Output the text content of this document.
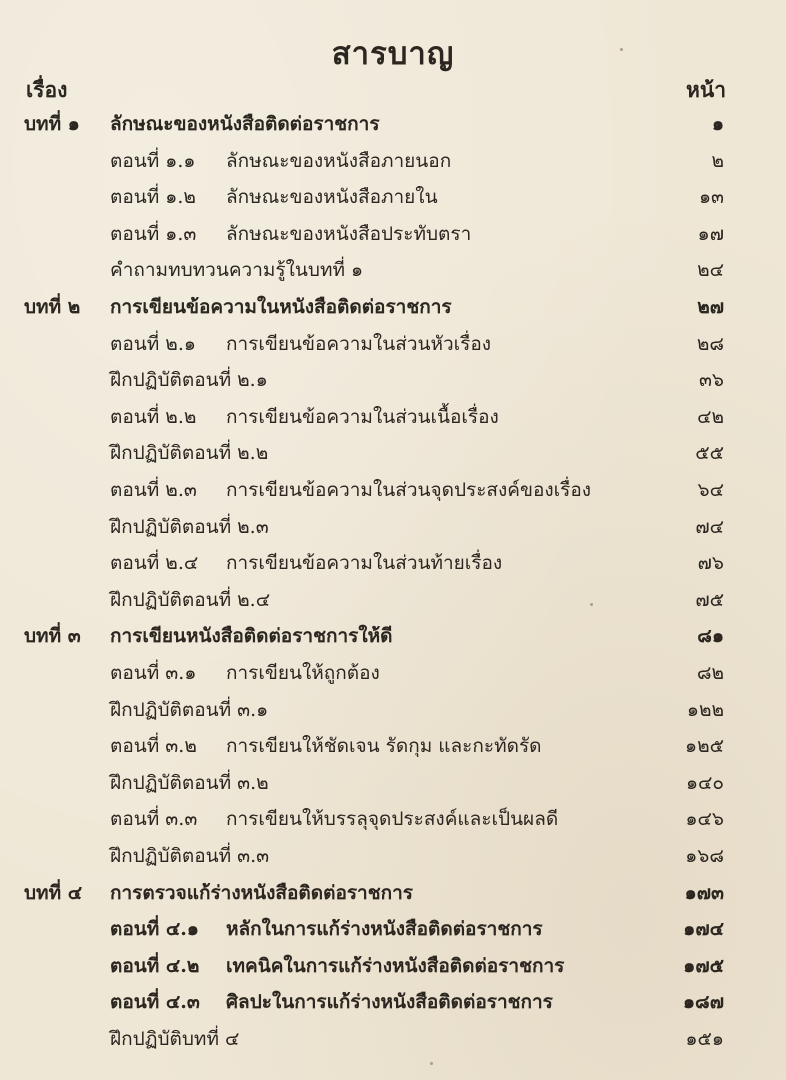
สารบาญ
เรื่อง	หน้า
บทที่ ๑ ลักษณะของหนังสือติดต่อราชการ	๑
ตอนที่ ๑.๑ ลักษณะของหนังสือภายนอก	๒
ตอนที่ ๑.๒ ลักษณะของหนังสือภายใน	๑๓
ตอนที่ ๑.๓ ลักษณะของหนังสือประทับตรา	๑๗
คำถามทบทวนความรู้ในบทที่ ๑	๒๔
บทที่ ๒ การเขียนข้อความในหนังสือติดต่อราชการ	๒๗
ตอนที่ ๒.๑ การเขียนข้อความในส่วนหัวเรื่อง	๒๘
ฝึกปฏิบัติตอนที่ ๒.๑	๓๖
ตอนที่ ๒.๒ การเขียนข้อความในส่วนเนื้อเรื่อง	๔๒
ฝึกปฏิบัติตอนที่ ๒.๒	๕๕
ตอนที่ ๒.๓ การเขียนข้อความในส่วนจุดประสงค์ของเรื่อง	๖๔
ฝึกปฏิบัติตอนที่ ๒.๓	๗๔
ตอนที่ ๒.๔ การเขียนข้อความในส่วนท้ายเรื่อง	๗๖
ฝึกปฏิบัติตอนที่ ๒.๔	๗๕
บทที่ ๓ การเขียนหนังสือติดต่อราชการให้ดี	๘๑
ตอนที่ ๓.๑ การเขียนให้ถูกต้อง	๘๒
ฝึกปฏิบัติตอนที่ ๓.๑	๑๒๒
ตอนที่ ๓.๒ การเขียนให้ชัดเจน รัดกุม และกะทัดรัด	๑๒๕
ฝึกปฏิบัติตอนที่ ๓.๒	๑๔๐
ตอนที่ ๓.๓ การเขียนให้บรรลุจุดประสงค์และเป็นผลดี	๑๔๖
ฝึกปฏิบัติตอนที่ ๓.๓	๑๖๘
บทที่ ๔ การตรวจแก้ร่างหนังสือติดต่อราชการ	๑๗๓
ตอนที่ ๔.๑ หลักในการแก้ร่างหนังสือติดต่อราชการ	๑๗๔
ตอนที่ ๔.๒ เทคนิคในการแก้ร่างหนังสือติดต่อราชการ	๑๗๕
ตอนที่ ๔.๓ ศิลปะในการแก้ร่างหนังสือติดต่อราชการ	๑๘๗
ฝึกปฏิบัติบทที่ ๔	๑๕๑
